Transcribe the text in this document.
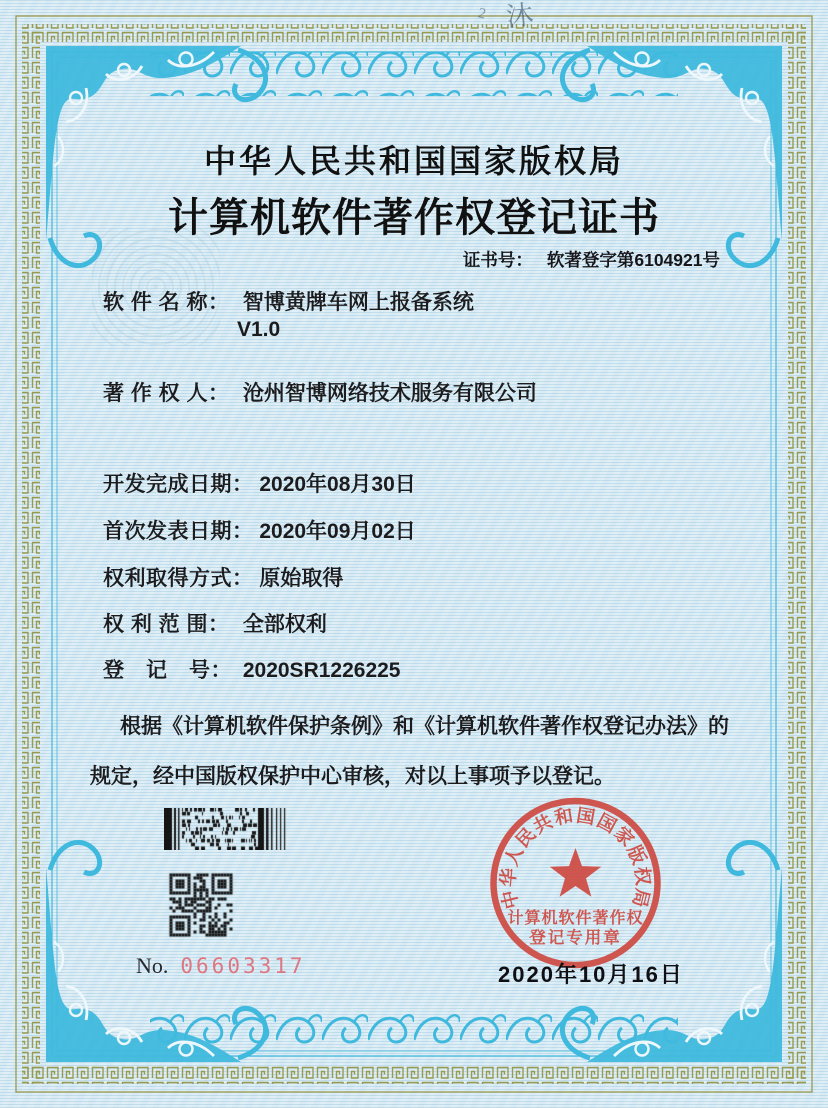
沐
2
中华人民共和国国家版权局
计算机软件著作权登记证书
证书号： 软著登字第6104921号
软 件 名 称： 智博黄牌车网上报备系统
V1.0
著 作 权 人： 沧州智博网络技术服务有限公司
开发完成日期： 2020年08月30日
首次发表日期： 2020年09月02日
权利取得方式： 原始取得
权 利 范 围： 全部权利
登　记　号： 2020SR1226225
根据《计算机软件保护条例》和《计算机软件著作权登记办法》的
规定，经中国版权保护中心审核，对以上事项予以登记。
No. 06603317
中华人民共和国国家版权局
计算机软件著作权
登记专用章
2020年10月16日
